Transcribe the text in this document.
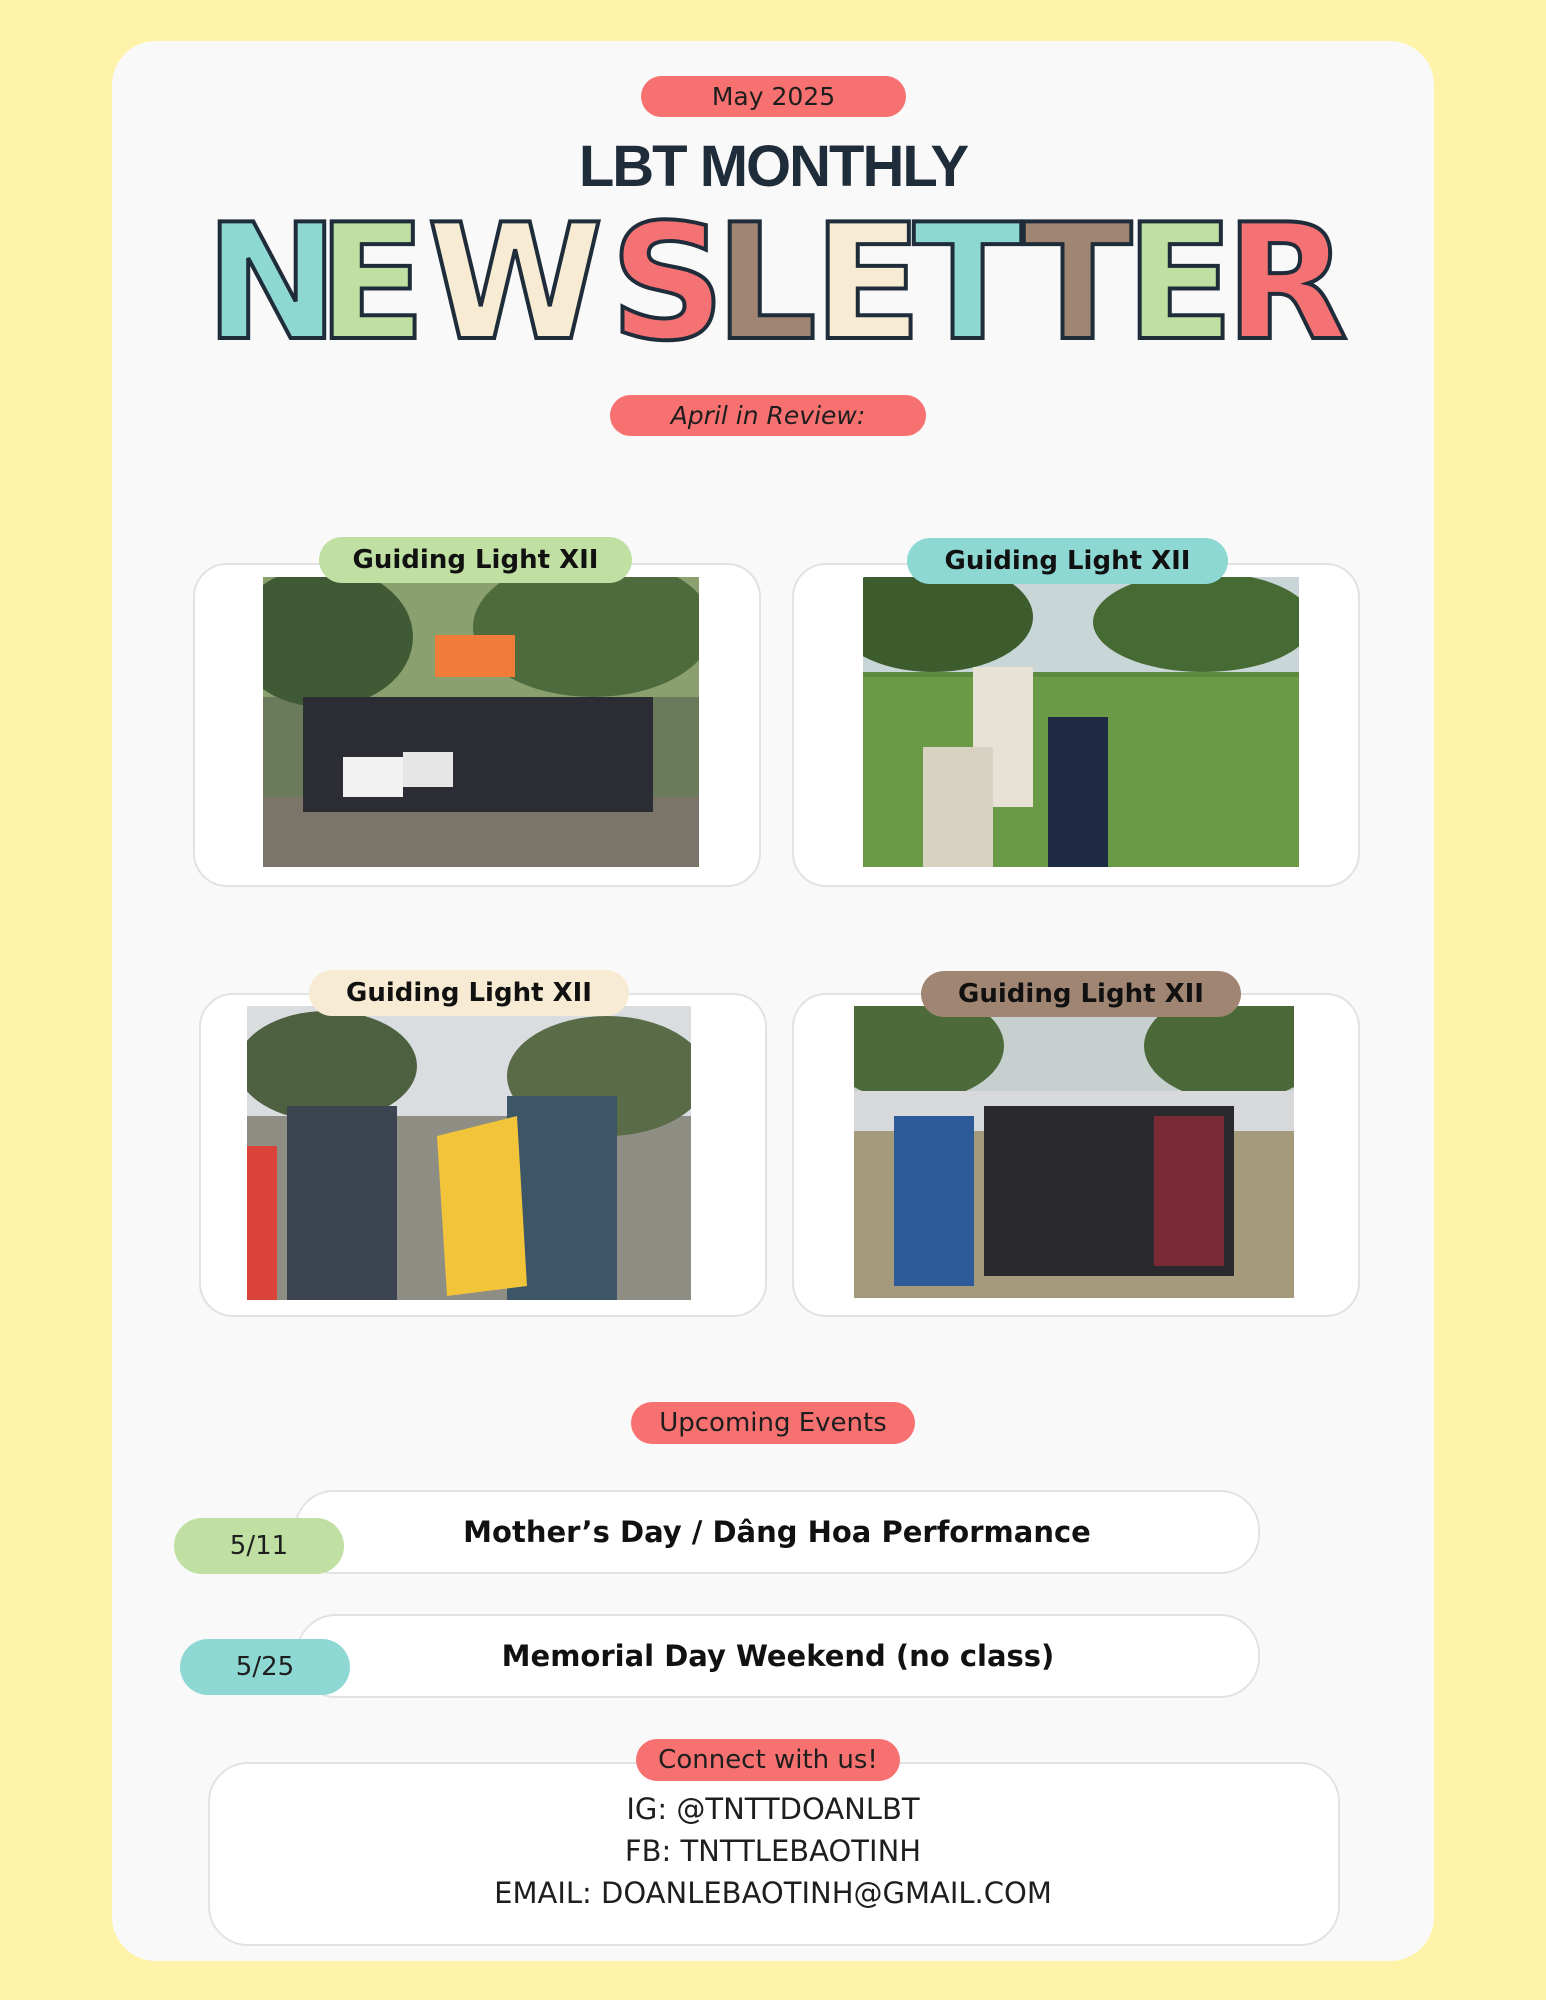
May 2025
LBT MONTHLY
N
E W S
L
E
T T
E
R
April in Review:
Guiding Light XII	Guiding Light XII
Guiding Light XII	Guiding Light XII
Upcoming Events
Mother’s Day / Dâng Hoa Performance
5/11
Memorial Day Weekend (no class)
5/25
Connect with us!
IG: @TNTTDOANLBT
FB: TNTTLEBAOTINH
EMAIL: DOANLEBAOTINH@GMAIL.COM
